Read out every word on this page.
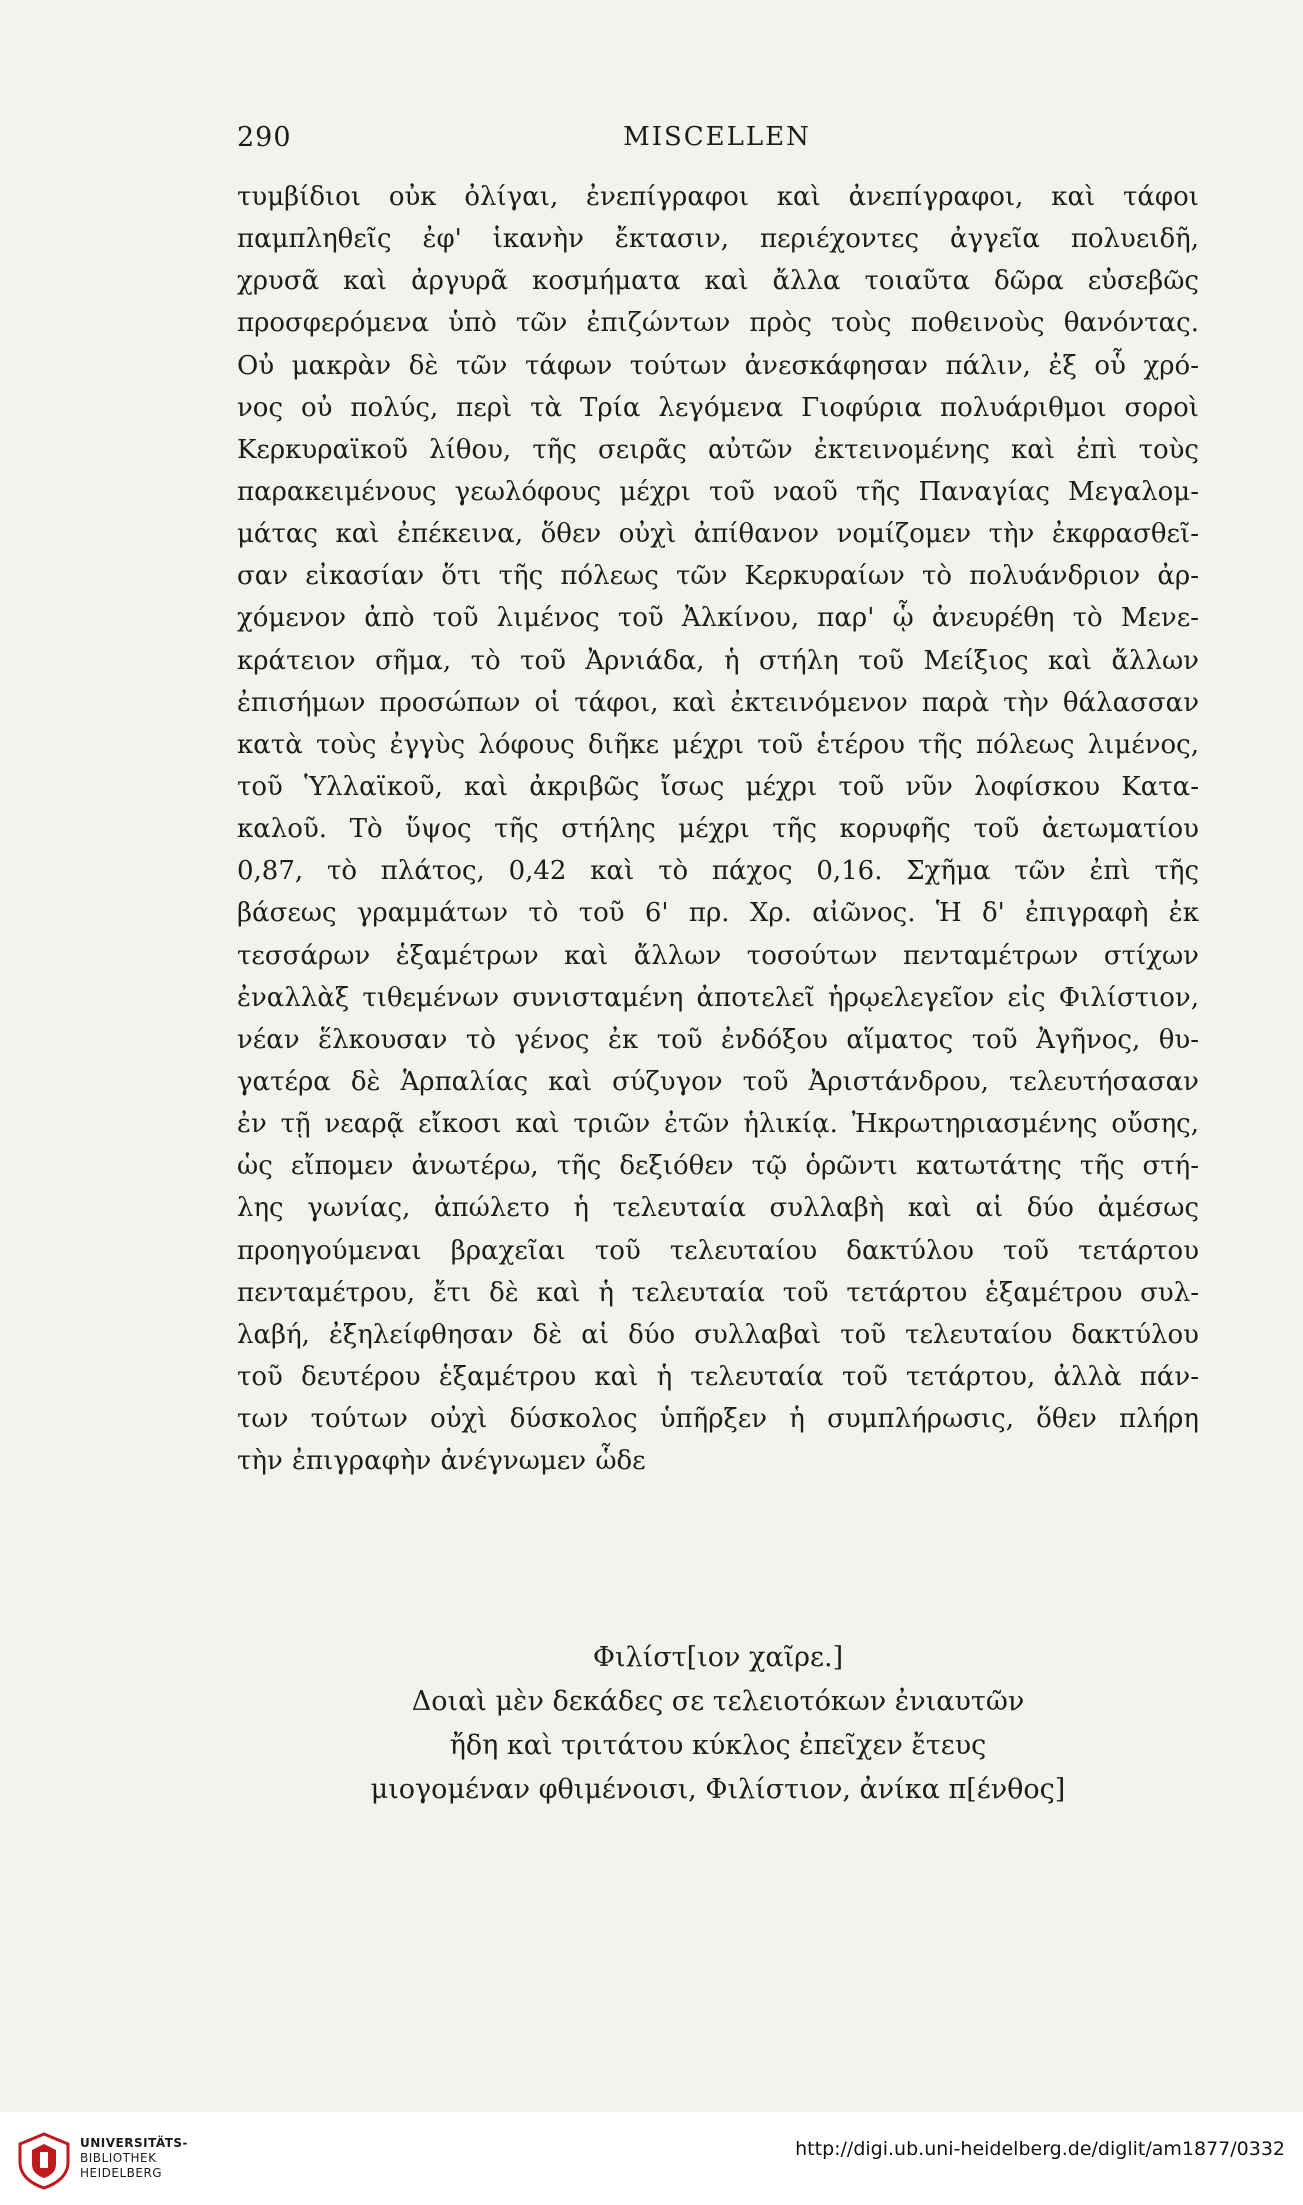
290	MISCELLEN
τυμβίδιοι οὐκ ὀλίγαι, ἐνεπίγραφοι καὶ ἀνεπίγραφοι, καὶ τάφοι
παμπληθεῖς ἐφ' ἱκανὴν ἔκτασιν, περιέχοντες ἀγγεῖα πολυειδῆ,
χρυσᾶ καὶ ἀργυρᾶ κοσμήματα καὶ ἄλλα τοιαῦτα δῶρα εὐσεβῶς
προσφερόμενα ὑπὸ τῶν ἐπιζώντων πρὸς τοὺς ποθεινοὺς θανόντας.
Οὐ μακρὰν δὲ τῶν τάφων τούτων ἀνεσκάφησαν πάλιν, ἐξ οὗ χρό-
νος οὐ πολύς, περὶ τὰ Τρία λεγόμενα Γιοφύρια πολυάριθμοι σοροὶ
Κερκυραϊκοῦ λίθου, τῆς σειρᾶς αὐτῶν ἐκτεινομένης καὶ ἐπὶ τοὺς
παρακειμένους γεωλόφους μέχρι τοῦ ναοῦ τῆς Παναγίας Μεγαλομ-
μάτας καὶ ἐπέκεινα, ὅθεν οὐχὶ ἀπίθανον νομίζομεν τὴν ἐκφρασθεῖ-
σαν εἰκασίαν ὅτι τῆς πόλεως τῶν Κερκυραίων τὸ πολυάνδριον ἀρ-
χόμενον ἀπὸ τοῦ λιμένος τοῦ Ἀλκίνου, παρ' ᾧ ἀνευρέθη τὸ Μενε-
κράτειον σῆμα, τὸ τοῦ Ἀρνιάδα, ἡ στήλη τοῦ Μείξιος καὶ ἄλλων
ἐπισήμων προσώπων οἱ τάφοι, καὶ ἐκτεινόμενον παρὰ τὴν θάλασσαν
κατὰ τοὺς ἐγγὺς λόφους διῆκε μέχρι τοῦ ἑτέρου τῆς πόλεως λιμένος,
τοῦ Ὑλλαϊκοῦ, καὶ ἀκριβῶς ἴσως μέχρι τοῦ νῦν λοφίσκου Κατα-
καλοῦ. Τὸ ὕψος τῆς στήλης μέχρι τῆς κορυφῆς τοῦ ἀετωματίου
0,87, τὸ πλάτος, 0,42 καὶ τὸ πάχος 0,16. Σχῆμα τῶν ἐπὶ τῆς
βάσεως γραμμάτων τὸ τοῦ 6' πρ. Χρ. αἰῶνος. Ἡ δ' ἐπιγραφὴ ἐκ
τεσσάρων ἑξαμέτρων καὶ ἄλλων τοσούτων πενταμέτρων στίχων
ἐναλλὰξ τιθεμένων συνισταμένη ἀποτελεῖ ἡρῳελεγεῖον εἰς Φιλίστιον,
νέαν ἕλκουσαν τὸ γένος ἐκ τοῦ ἐνδόξου αἵματος τοῦ Ἀγῆνος, θυ-
γατέρα δὲ Ἁρπαλίας καὶ σύζυγον τοῦ Ἀριστάνδρου, τελευτήσασαν
ἐν τῇ νεαρᾷ εἴκοσι καὶ τριῶν ἐτῶν ἡλικίᾳ. Ἠκρωτηριασμένης οὔσης,
ὡς εἴπομεν ἀνωτέρω, τῆς δεξιόθεν τῷ ὁρῶντι κατωτάτης τῆς στή-
λης γωνίας, ἀπώλετο ἡ τελευταία συλλαβὴ καὶ αἱ δύο ἀμέσως
προηγούμεναι βραχεῖαι τοῦ τελευταίου δακτύλου τοῦ τετάρτου
πενταμέτρου, ἔτι δὲ καὶ ἡ τελευταία τοῦ τετάρτου ἑξαμέτρου συλ-
λαβή, ἐξηλείφθησαν δὲ αἱ δύο συλλαβαὶ τοῦ τελευταίου δακτύλου
τοῦ δευτέρου ἑξαμέτρου καὶ ἡ τελευταία τοῦ τετάρτου, ἀλλὰ πάν-
των τούτων οὐχὶ δύσκολος ὑπῆρξεν ἡ συμπλήρωσις, ὅθεν πλήρη
τὴν ἐπιγραφὴν ἀνέγνωμεν ὧδε
Φιλίστ[ιον χαῖρε.]
Δοιαὶ μὲν δεκάδες σε τελειοτόκων ἐνιαυτῶν
ἤδη καὶ τριτάτου κύκλος ἐπεῖχεν ἔτευς
μιογομέναν φθιμένοισι, Φιλίστιον, ἀνίκα π[ένθος]
UNIVERSITÄTS-
BIBLIOTHEK
HEIDELBERG
http://digi.ub.uni-heidelberg.de/diglit/am1877/0332
